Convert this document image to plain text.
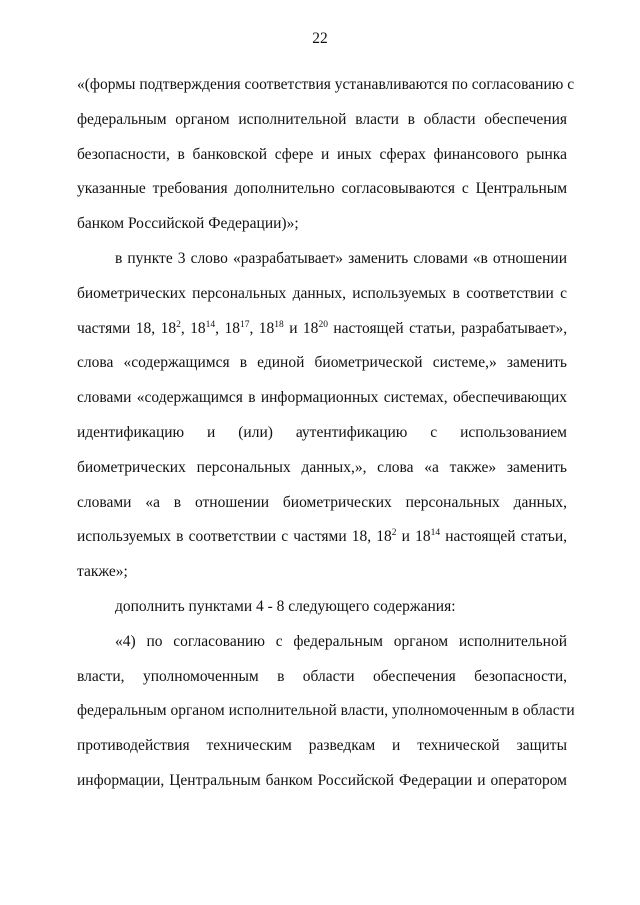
22
«(формы подтверждения соответствия устанавливаются по согласованию с
федеральным органом исполнительной власти в области обеспечения
безопасности, в банковской сфере и иных сферах финансового рынка
указанные требования дополнительно согласовываются с Центральным
банком Российской Федерации)»;
в пункте 3 слово «разрабатывает» заменить словами «в отношении
биометрических персональных данных, используемых в соответствии с
частями 18, $18^2$, $18^{14}$, $18^{17}$, $18^{18}$ и $18^{20}$ настоящей статьи, разрабатывает»,
слова «содержащимся в единой биометрической системе,» заменить
словами «содержащимся в информационных системах, обеспечивающих
идентификацию и (или) аутентификацию с использованием
биометрических персональных данных,», слова «а также» заменить
словами «а в отношении биометрических персональных данных,
используемых в соответствии с частями 18, $18^2$ и $18^{14}$ настоящей статьи,
также»;
дополнить пунктами 4 - 8 следующего содержания:
«4) по согласованию с федеральным органом исполнительной
власти, уполномоченным в области обеспечения безопасности,
федеральным органом исполнительной власти, уполномоченным в области
противодействия техническим разведкам и технической защиты
информации, Центральным банком Российской Федерации и оператором
